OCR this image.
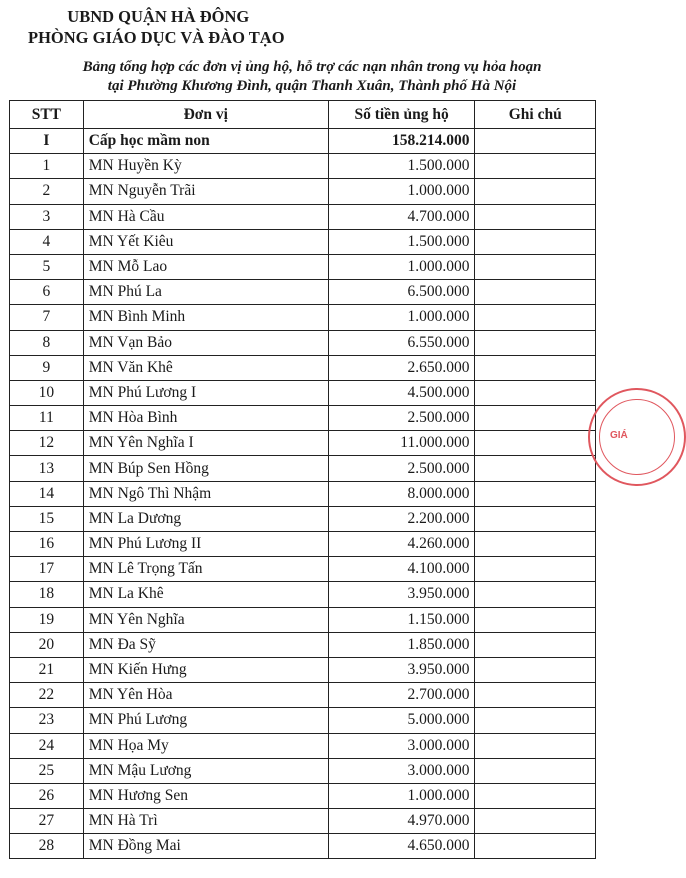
UBND QUẬN HÀ ĐÔNG
PHÒNG GIÁO DỤC VÀ ĐÀO TẠO
Bảng tổng hợp các đơn vị ủng hộ, hỗ trợ các nạn nhân trong vụ hỏa hoạn
tại Phường Khương Đình, quận Thanh Xuân, Thành phố Hà Nội
STT	Đơn vị	Số tiền ủng hộ	Ghi chú
I	Cấp học mầm non	158.214.000	
1	MN Huyền Kỳ	1.500.000	
2	MN Nguyễn Trãi	1.000.000	
3	MN Hà Cầu	4.700.000	
4	MN Yết Kiêu	1.500.000	
5	MN Mỗ Lao	1.000.000	
6	MN Phú La	6.500.000	
7	MN Bình Minh	1.000.000	
8	MN Vạn Bảo	6.550.000	
9	MN Văn Khê	2.650.000	
10	MN Phú Lương I	4.500.000	
11	MN Hòa Bình	2.500.000	
12	MN Yên Nghĩa I	11.000.000	
13	MN Búp Sen Hồng	2.500.000	
14	MN Ngô Thì Nhậm	8.000.000	
15	MN La Dương	2.200.000	
16	MN Phú Lương II	4.260.000	
17	MN Lê Trọng Tấn	4.100.000	
18	MN La Khê	3.950.000	
19	MN Yên Nghĩa	1.150.000	
20	MN Đa Sỹ	1.850.000	
21	MN Kiến Hưng	3.950.000	
22	MN Yên Hòa	2.700.000	
23	MN Phú Lương	5.000.000	
24	MN Họa My	3.000.000	
25	MN Mậu Lương	3.000.000	
26	MN Hương Sen	1.000.000	
27	MN Hà Trì	4.970.000	
28	MN Đồng Mai	4.650.000	
GIÁ
